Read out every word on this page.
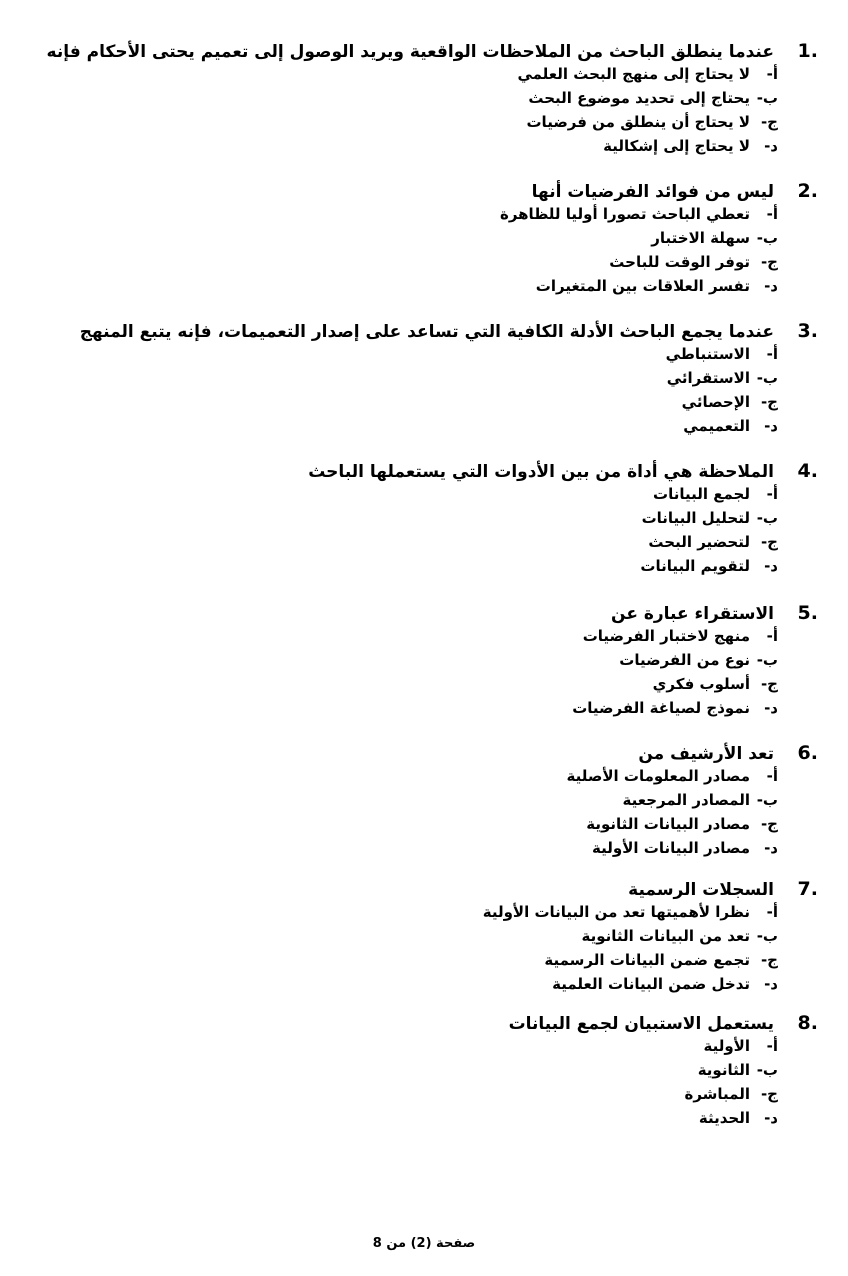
1.
عندما ينطلق الباحث من الملاحظات الواقعية ويريد الوصول إلى تعميم يحتى الأحكام فإنه
أ-
لا يحتاج إلى منهج البحث العلمي
ب-
يحتاج إلى تحديد موضوع البحث
ج-
لا يحتاج أن ينطلق من فرضيات
د-
لا يحتاج إلى إشكالية
2.
ليس من فوائد الفرضيات أنها
أ-
تعطي الباحث تصورا أوليا للظاهرة
ب-
سهلة الاختبار
ج-
توفر الوقت للباحث
د-
تفسر العلاقات بين المتغيرات
3.
عندما يجمع الباحث الأدلة الكافية التي تساعد على إصدار التعميمات، فإنه يتبع المنهج
أ-
الاستنباطي
ب-
الاستقرائي
ج-
الإحصائي
د-
التعميمي
4.
الملاحظة هي أداة من بين الأدوات التي يستعملها الباحث
أ-
لجمع البيانات
ب-
لتحليل البيانات
ج-
لتحضير البحث
د-
لتقويم البيانات
5.
الاستقراء عبارة عن
أ-
منهج لاختبار الفرضيات
ب-
نوع من الفرضيات
ج-
أسلوب فكري
د-
نموذج لصياغة الفرضيات
6.
تعد الأرشيف من
أ-
مصادر المعلومات الأصلية
ب-
المصادر المرجعية
ج-
مصادر البيانات الثانوية
د-
مصادر البيانات الأولية
7.
السجلات الرسمية
أ-
نظرا لأهميتها تعد من البيانات الأولية
ب-
تعد من البيانات الثانوية
ج-
تجمع ضمن البيانات الرسمية
د-
تدخل ضمن البيانات العلمية
8.
يستعمل الاستبيان لجمع البيانات
أ-
الأولية
ب-
الثانوية
ج-
المباشرة
د-
الحديثة
صفحة (2) من 8
